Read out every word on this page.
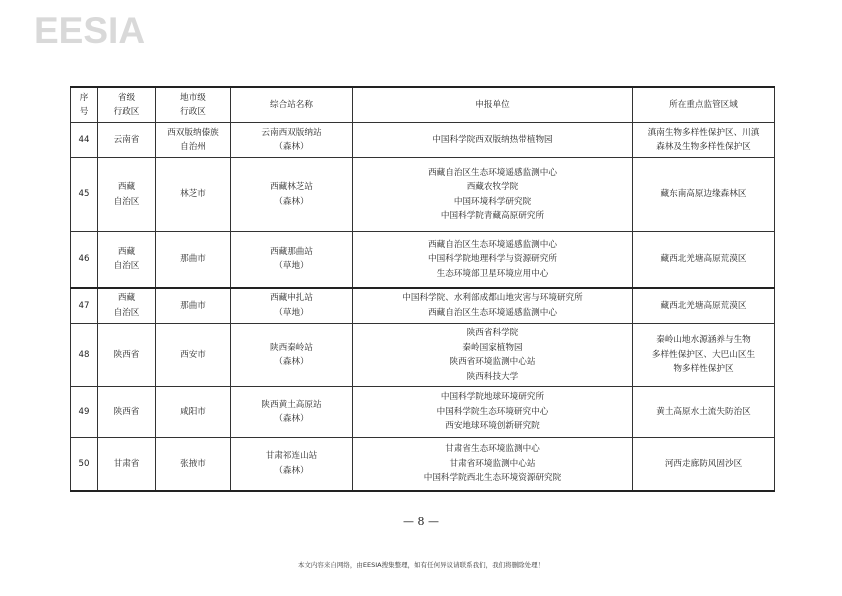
EESIA
序
号	省级
行政区	地市级
行政区	综合站名称	申报单位	所在重点监管区域

44	云南省	西双版纳傣族
自治州	云南西双版纳站
（森林）	中国科学院西双版纳热带植物园	滇南生物多样性保护区、川滇
森林及生物多样性保护区

45	西藏
自治区	林芝市	西藏林芝站
（森林）	西藏自治区生态环境遥感监测中心
西藏农牧学院
中国环境科学研究院
中国科学院青藏高原研究所	藏东南高原边缘森林区

46	西藏
自治区	那曲市	西藏那曲站
（草地）	西藏自治区生态环境遥感监测中心
中国科学院地理科学与资源研究所
生态环境部卫星环境应用中心	藏西北羌塘高原荒漠区

47	西藏
自治区	那曲市	西藏申扎站
（草地）	中国科学院、水利部成都山地灾害与环境研究所
西藏自治区生态环境遥感监测中心	藏西北羌塘高原荒漠区

48	陕西省	西安市	陕西秦岭站
（森林）	陕西省科学院
秦岭国家植物园
陕西省环境监测中心站
陕西科技大学	秦岭山地水源涵养与生物
多样性保护区、大巴山区生
物多样性保护区

49	陕西省	咸阳市	陕西黄土高原站
（森林）	中国科学院地球环境研究所
中国科学院生态环境研究中心
西安地球环境创新研究院	黄土高原水土流失防治区

50	甘肃省	张掖市	甘肃祁连山站
（森林）	甘肃省生态环境监测中心
甘肃省环境监测中心站
中国科学院西北生态环境资源研究院	河西走廊防风固沙区
— 8 —
本文内容来自网络，由EESIA搜集整理，如有任何异议请联系我们，我们将删除处理！
